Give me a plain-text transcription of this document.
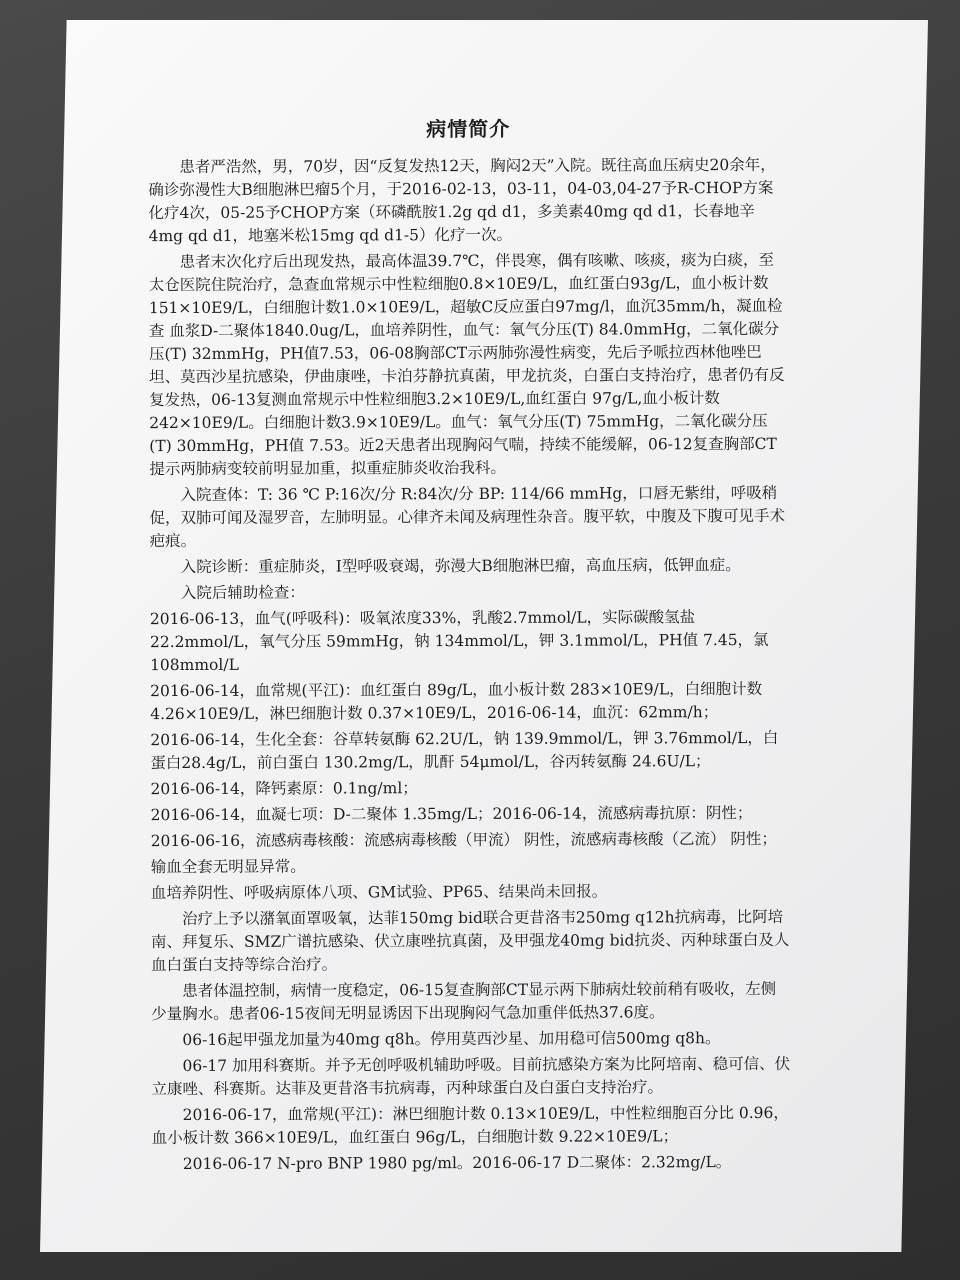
病情简介

患者严浩然，男，70岁，因“反复发热12天，胸闷2天”入院。既往高血压病史20余年，确诊弥漫性大B细胞淋巴瘤5个月，于2016-02-13，03-11，04-03,04-27予R-CHOP方案化疗4次，05-25予CHOP方案（环磷酰胺1.2g qd d1，多美素40mg qd d1，长春地辛4mg qd d1，地塞米松15mg qd d1-5）化疗一次。

患者末次化疗后出现发热，最高体温39.7℃，伴畏寒，偶有咳嗽、咳痰，痰为白痰，至太仓医院住院治疗，急查血常规示中性粒细胞0.8×10E9/L，血红蛋白93g/L，血小板计数151×10E9/L，白细胞计数1.0×10E9/L，超敏C反应蛋白97mg/l，血沉35mm/h，凝血检查 血浆D-二聚体1840.0ug/L，血培养阴性，血气：氧气分压(T) 84.0mmHg，二氧化碳分压(T) 32mmHg，PH值7.53，06-08胸部CT示两肺弥漫性病变，先后予哌拉西林他唑巴坦、莫西沙星抗感染，伊曲康唑，卡泊芬静抗真菌，甲龙抗炎，白蛋白支持治疗，患者仍有反复发热，06-13复测血常规示中性粒细胞3.2×10E9/L,血红蛋白 97g/L,血小板计数 242×10E9/L。白细胞计数3.9×10E9/L。血气：氧气分压(T) 75mmHg，二氧化碳分压(T) 30mmHg，PH值 7.53。近2天患者出现胸闷气喘，持续不能缓解，06-12复查胸部CT提示两肺病变较前明显加重，拟重症肺炎收治我科。

入院查体：T: 36 ℃ P:16次/分 R:84次/分 BP: 114/66 mmHg，口唇无紫绀，呼吸稍促，双肺可闻及湿罗音，左肺明显。心律齐未闻及病理性杂音。腹平软，中腹及下腹可见手术疤痕。

入院诊断：重症肺炎，Ⅰ型呼吸衰竭，弥漫大B细胞淋巴瘤，高血压病，低钾血症。

入院后辅助检查：

2016-06-13，血气(呼吸科)：吸氧浓度33%，乳酸2.7mmol/L，实际碳酸氢盐 22.2mmol/L，氧气分压 59mmHg，钠 134mmol/L，钾 3.1mmol/L，PH值 7.45，氯 108mmol/L

2016-06-14，血常规(平江)：血红蛋白 89g/L，血小板计数 283×10E9/L，白细胞计数 4.26×10E9/L，淋巴细胞计数 0.37×10E9/L，2016-06-14，血沉：62mm/h；

2016-06-14，生化全套：谷草转氨酶 62.2U/L，钠 139.9mmol/L，钾 3.76mmol/L，白蛋白28.4g/L，前白蛋白 130.2mg/L，肌酐 54μmol/L，谷丙转氨酶 24.6U/L；

2016-06-14，降钙素原：0.1ng/ml；

2016-06-14，血凝七项：D-二聚体 1.35mg/L；2016-06-14，流感病毒抗原：阴性；

2016-06-16，流感病毒核酸：流感病毒核酸（甲流） 阴性，流感病毒核酸（乙流） 阴性；

输血全套无明显异常。

血培养阴性、呼吸病原体八项、GM试验、PP65、结果尚未回报。

治疗上予以潴氧面罩吸氧，达菲150mg bid联合更昔洛韦250mg q12h抗病毒，比阿培南、拜复乐、SMZ广谱抗感染、伏立康唑抗真菌，及甲强龙40mg bid抗炎、丙种球蛋白及人血白蛋白支持等综合治疗。

患者体温控制，病情一度稳定，06-15复查胸部CT显示两下肺病灶较前稍有吸收，左侧少量胸水。患者06-15夜间无明显诱因下出现胸闷气急加重伴低热37.6度。

06-16起甲强龙加量为40mg q8h。停用莫西沙星、加用稳可信500mg q8h。

06-17 加用科赛斯。并予无创呼吸机辅助呼吸。目前抗感染方案为比阿培南、稳可信、伏立康唑、科赛斯。达菲及更昔洛韦抗病毒，丙种球蛋白及白蛋白支持治疗。

2016-06-17，血常规(平江)：淋巴细胞计数 0.13×10E9/L，中性粒细胞百分比 0.96，血小板计数 366×10E9/L，血红蛋白 96g/L，白细胞计数 9.22×10E9/L；

2016-06-17 N-pro BNP 1980 pg/ml。2016-06-17 D二聚体：2.32mg/L。
